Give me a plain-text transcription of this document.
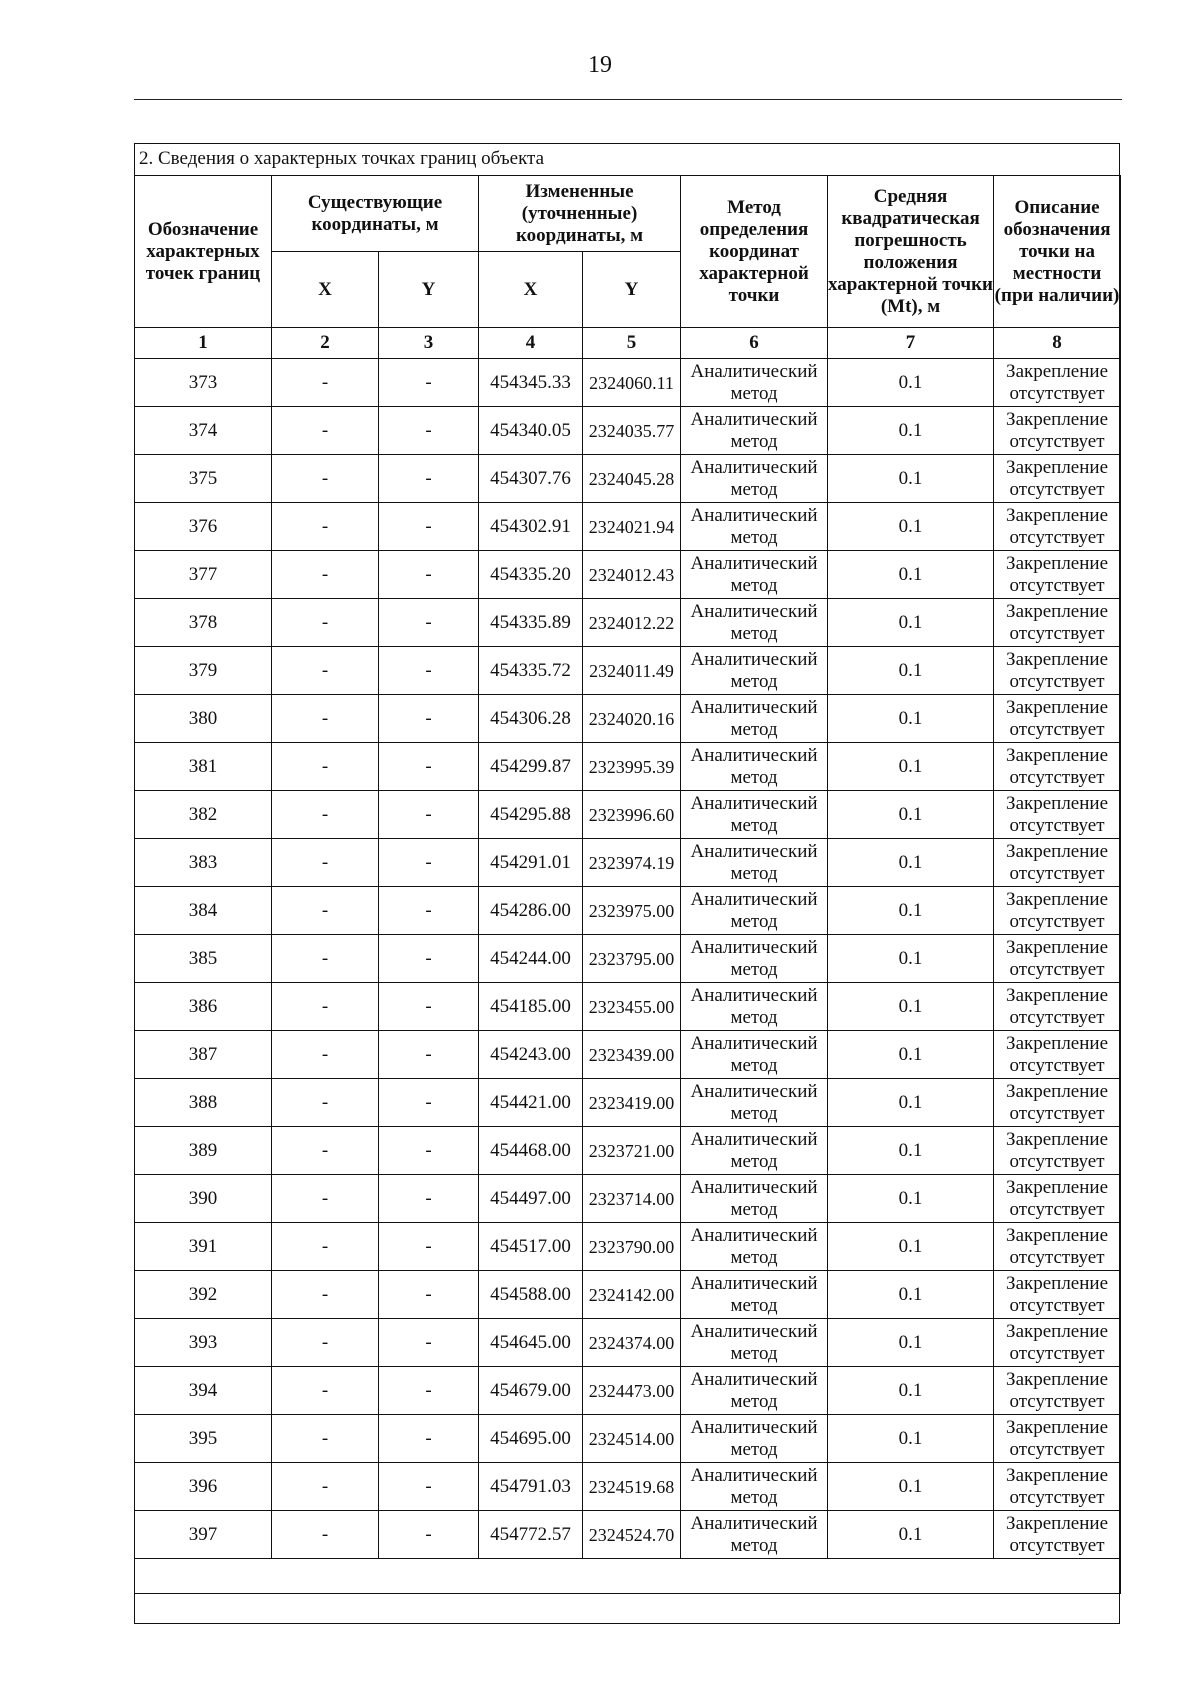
19
2. Сведения о характерных точках границ объекта
Обозначение характерных точек границ	Существующие координаты, м		Измененные (уточненные) координаты, м		Метод определения координат характерной точки	Средняя квадратическая погрешность положения характерной точки (Mt), м	Описание обозначения точки на местности (при наличии)
	X	Y	X	Y			
1	2	3	4	5	6	7	8
373	-	-	454345.33	2324060.11	Аналитический метод	0.1	Закрепление отсутствует
374	-	-	454340.05	2324035.77	Аналитический метод	0.1	Закрепление отсутствует
375	-	-	454307.76	2324045.28	Аналитический метод	0.1	Закрепление отсутствует
376	-	-	454302.91	2324021.94	Аналитический метод	0.1	Закрепление отсутствует
377	-	-	454335.20	2324012.43	Аналитический метод	0.1	Закрепление отсутствует
378	-	-	454335.89	2324012.22	Аналитический метод	0.1	Закрепление отсутствует
379	-	-	454335.72	2324011.49	Аналитический метод	0.1	Закрепление отсутствует
380	-	-	454306.28	2324020.16	Аналитический метод	0.1	Закрепление отсутствует
381	-	-	454299.87	2323995.39	Аналитический метод	0.1	Закрепление отсутствует
382	-	-	454295.88	2323996.60	Аналитический метод	0.1	Закрепление отсутствует
383	-	-	454291.01	2323974.19	Аналитический метод	0.1	Закрепление отсутствует
384	-	-	454286.00	2323975.00	Аналитический метод	0.1	Закрепление отсутствует
385	-	-	454244.00	2323795.00	Аналитический метод	0.1	Закрепление отсутствует
386	-	-	454185.00	2323455.00	Аналитический метод	0.1	Закрепление отсутствует
387	-	-	454243.00	2323439.00	Аналитический метод	0.1	Закрепление отсутствует
388	-	-	454421.00	2323419.00	Аналитический метод	0.1	Закрепление отсутствует
389	-	-	454468.00	2323721.00	Аналитический метод	0.1	Закрепление отсутствует
390	-	-	454497.00	2323714.00	Аналитический метод	0.1	Закрепление отсутствует
391	-	-	454517.00	2323790.00	Аналитический метод	0.1	Закрепление отсутствует
392	-	-	454588.00	2324142.00	Аналитический метод	0.1	Закрепление отсутствует
393	-	-	454645.00	2324374.00	Аналитический метод	0.1	Закрепление отсутствует
394	-	-	454679.00	2324473.00	Аналитический метод	0.1	Закрепление отсутствует
395	-	-	454695.00	2324514.00	Аналитический метод	0.1	Закрепление отсутствует
396	-	-	454791.03	2324519.68	Аналитический метод	0.1	Закрепление отсутствует
397	-	-	454772.57	2324524.70	Аналитический метод	0.1	Закрепление отсутствует
